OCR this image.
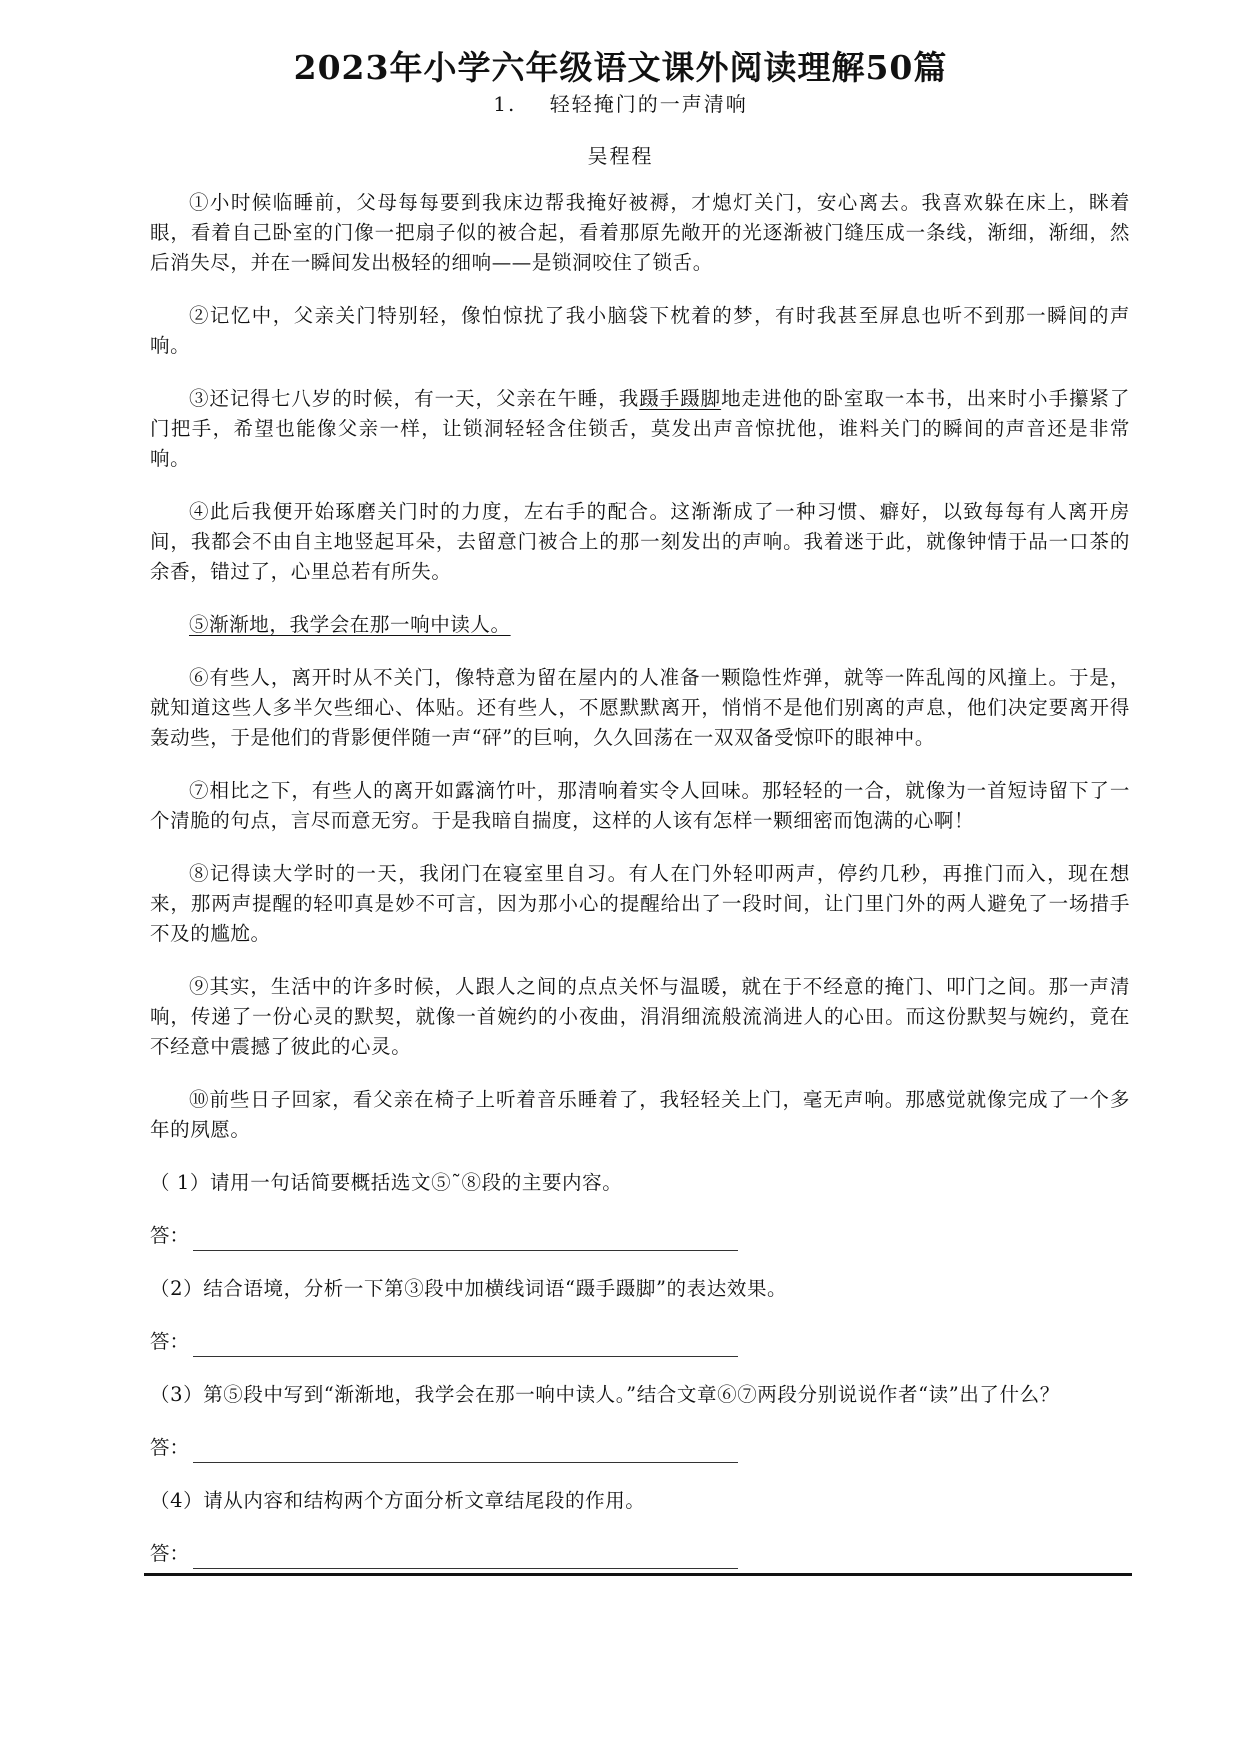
2023年小学六年级语文课外阅读理解50篇
1. 轻轻掩门的一声清响
吴程程

①小时候临睡前，父母每每要到我床边帮我掩好被褥，才熄灯关门，安心离去。我喜欢躲在床上，眯着眼，看着自己卧室的门像一把扇子似的被合起，看着那原先敞开的光逐渐被门缝压成一条线，渐细，渐细，然后消失尽，并在一瞬间发出极轻的细响——是锁洞咬住了锁舌。

②记忆中，父亲关门特别轻，像怕惊扰了我小脑袋下枕着的梦，有时我甚至屏息也听不到那一瞬间的声响。

③还记得七八岁的时候，有一天，父亲在午睡，我蹑手蹑脚地走进他的卧室取一本书，出来时小手攥紧了门把手，希望也能像父亲一样，让锁洞轻轻含住锁舌，莫发出声音惊扰他，谁料关门的瞬间的声音还是非常响。

④此后我便开始琢磨关门时的力度，左右手的配合。这渐渐成了一种习惯、癖好，以致每每有人离开房间，我都会不由自主地竖起耳朵，去留意门被合上的那一刻发出的声响。我着迷于此，就像钟情于品一口茶的余香，错过了，心里总若有所失。

⑤渐渐地，我学会在那一响中读人。

⑥有些人，离开时从不关门，像特意为留在屋内的人准备一颗隐性炸弹，就等一阵乱闯的风撞上。于是，就知道这些人多半欠些细心、体贴。还有些人，不愿默默离开，悄悄不是他们别离的声息，他们决定要离开得轰动些，于是他们的背影便伴随一声“砰”的巨响，久久回荡在一双双备受惊吓的眼神中。

⑦相比之下，有些人的离开如露滴竹叶，那清响着实令人回味。那轻轻的一合，就像为一首短诗留下了一个清脆的句点，言尽而意无穷。于是我暗自揣度，这样的人该有怎样一颗细密而饱满的心啊！

⑧记得读大学时的一天，我闭门在寝室里自习。有人在门外轻叩两声，停约几秒，再推门而入，现在想来，那两声提醒的轻叩真是妙不可言，因为那小心的提醒给出了一段时间，让门里门外的两人避免了一场措手不及的尴尬。

⑨其实，生活中的许多时候，人跟人之间的点点关怀与温暖，就在于不经意的掩门、叩门之间。那一声清响，传递了一份心灵的默契，就像一首婉约的小夜曲，涓涓细流般流淌进人的心田。而这份默契与婉约，竟在不经意中震撼了彼此的心灵。

⑩前些日子回家，看父亲在椅子上听着音乐睡着了，我轻轻关上门，毫无声响。那感觉就像完成了一个多年的夙愿。

（ 1）请用一句话简要概括选文⑤˜⑧段的主要内容。

答：

（2）结合语境，分析一下第③段中加横线词语“蹑手蹑脚”的表达效果。

答：

（3）第⑤段中写到“渐渐地，我学会在那一响中读人。”结合文章⑥⑦两段分别说说作者“读”出了什么？

答：

（4）请从内容和结构两个方面分析文章结尾段的作用。

答：
